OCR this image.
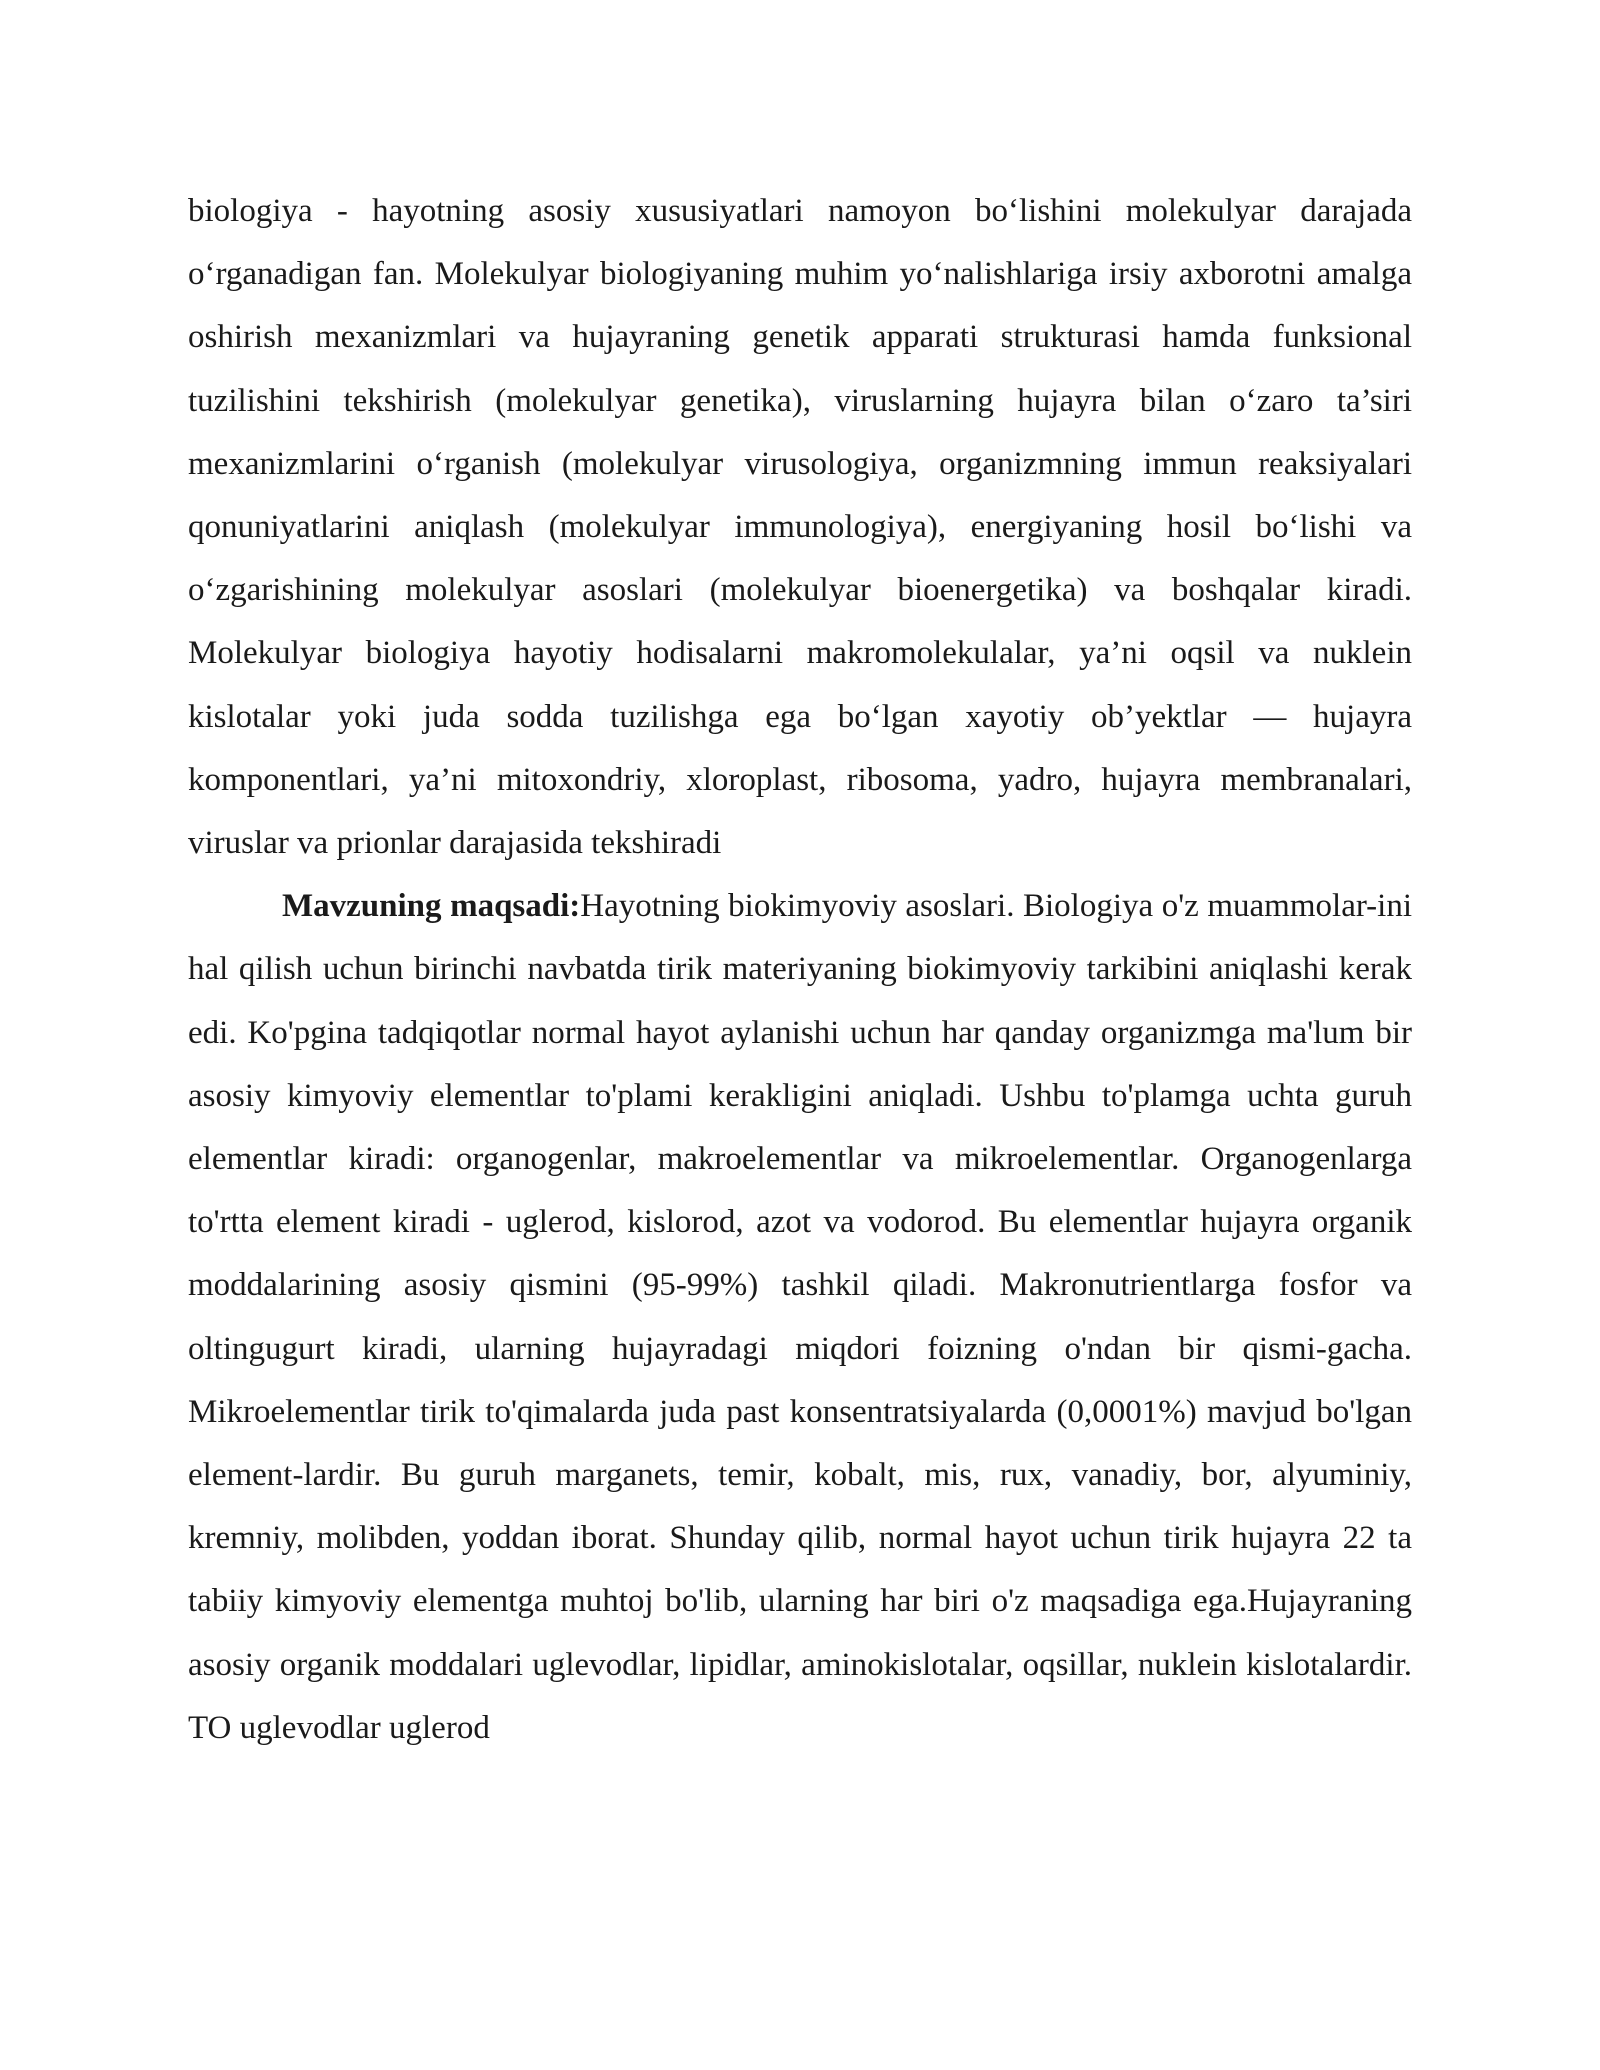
biologiya - hayotning asosiy xususiyatlari namoyon bo‘lishini molekulyar darajada o‘rganadigan fan. Molekulyar biologiyaning muhim yo‘nalishlariga irsiy axborotni amalga oshirish mexanizmlari va hujayraning genetik apparati strukturasi hamda funksional tuzilishini tekshirish (molekulyar genetika), viruslarning hujayra bilan o‘zaro ta’siri mexanizmlarini o‘rganish (molekulyar virusologiya, organizmning immun reaksiyalari qonuniyatlarini aniqlash (molekulyar immunologiya), energiyaning hosil bo‘lishi va o‘zgarishining molekulyar asoslari (molekulyar bioenergetika) va boshqalar kiradi. Molekulyar biologiya hayotiy hodisalarni makromolekulalar, ya’ni oqsil va nuklein kislotalar yoki juda sodda tuzilishga ega bo‘lgan xayotiy ob’yektlar — hujayra komponentlari, ya’ni mitoxondriy, xloroplast, ribosoma, yadro, hujayra membranalari, viruslar va prionlar darajasida tekshiradi

Mavzuning maqsadi:Hayotning biokimyoviy asoslari. Biologiya o'z muammolar-ini hal qilish uchun birinchi navbatda tirik materiyaning biokimyoviy tarkibini aniqlashi kerak edi. Ko'pgina tadqiqotlar normal hayot aylanishi uchun har qanday organizmga ma'lum bir asosiy kimyoviy elementlar to'plami kerakligini aniqladi. Ushbu to'plamga uchta guruh elementlar kiradi: organogenlar, makroelementlar va mikroelementlar. Organogenlarga to'rtta element kiradi - uglerod, kislorod, azot va vodorod. Bu elementlar hujayra organik moddalarining asosiy qismini (95-99%) tashkil qiladi. Makronutrientlarga fosfor va oltingugurt kiradi, ularning hujayradagi miqdori foizning o'ndan bir qismi-gacha. Mikroelementlar tirik to'qimalarda juda past konsentratsiyalarda (0,0001%) mavjud bo'lgan element-lardir. Bu guruh marganets, temir, kobalt, mis, rux, vanadiy, bor, alyuminiy, kremniy, molibden, yoddan iborat. Shunday qilib, normal hayot uchun tirik hujayra 22 ta tabiiy kimyoviy elementga muhtoj bo'lib, ularning har biri o'z maqsadiga ega.Hujayraning asosiy organik moddalari uglevodlar, lipidlar, aminokislotalar, oqsillar, nuklein kislotalardir. TO uglevodlar uglerod
